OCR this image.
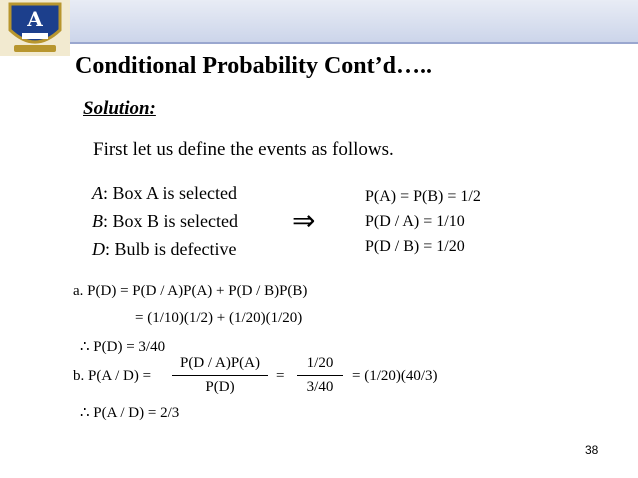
A
Conditional Probability Cont’d…..
Solution:
First let us define the events as follows.
A: Box A is selected
B: Box B is selected
D: Bulb is defective
⇒
P(A) = P(B) = 1/2
P(D / A) = 1/10
P(D / B) = 1/20
a. P(D) = P(D / A)P(A) + P(D / B)P(B)
= (1/10)(1/2) + (1/20)(1/20)
∴ P(D) = 3/40
b. P(A / D) =
P(D / A)P(A)
P(D)
=
1/20
3/40
= (1/20)(40/3)
∴ P(A / D) = 2/3
38
